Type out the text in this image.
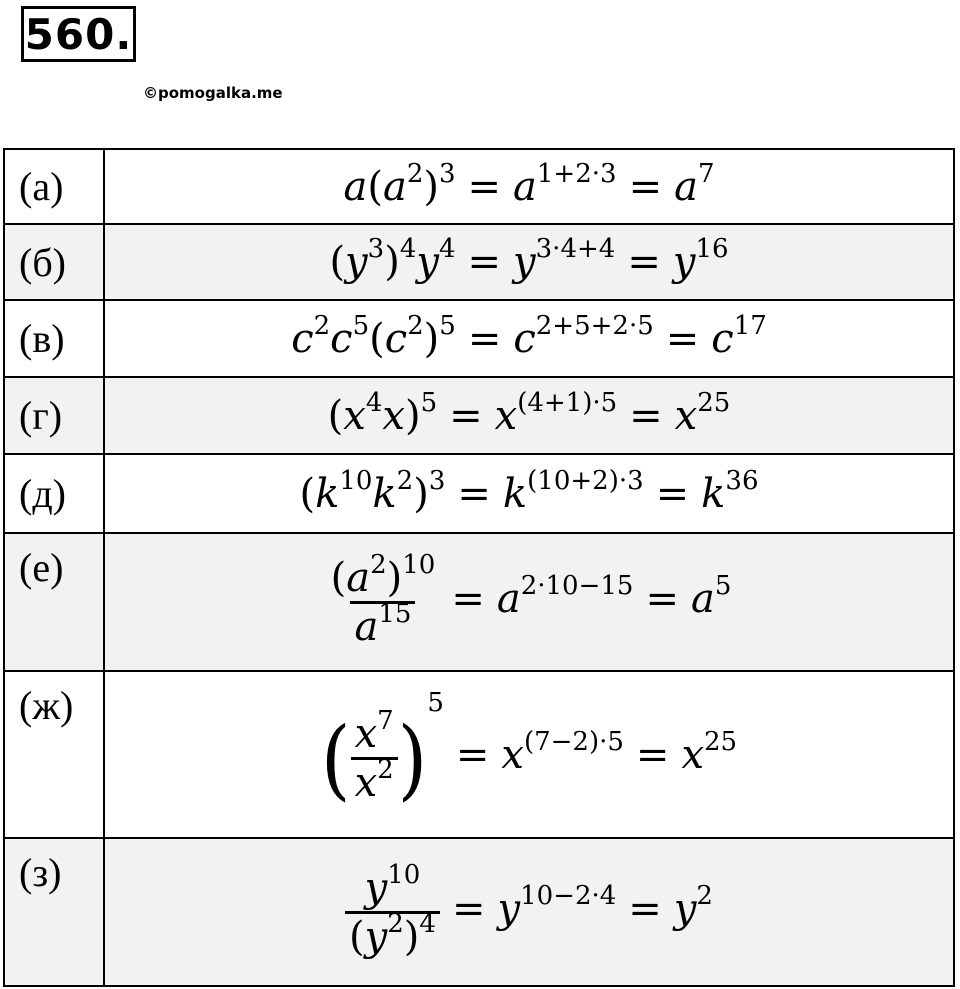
560.
©pomogalka.me
(а)	$a(a^2)^3 = a^{1+2\cdot 3} = a^7$
(б)	$(y^3)^4y^4 = y^{3\cdot 4+4} = y^{16}$
(в)	$c^2c^5(c^2)^5 = c^{2+5+2\cdot 5} = c^{17}$
(г)	$(x^4x)^5 = x^{(4+1)\cdot 5} = x^{25}$
(д)	$(k^{10}k^2)^3 = k^{(10+2)\cdot 3} = k^{36}$
(е)	$\frac{(a^2)^{10}}{a^{15}} = a^{2\cdot 10-15} = a^5$
(ж)	( $\frac{x^7}{x^2} )^5= x^{(7-2)\cdot 5} = x^{25}$
(з)	$\frac{y^{10}}{(y^2)^4} = y^{10-2\cdot 4} = y^2$
